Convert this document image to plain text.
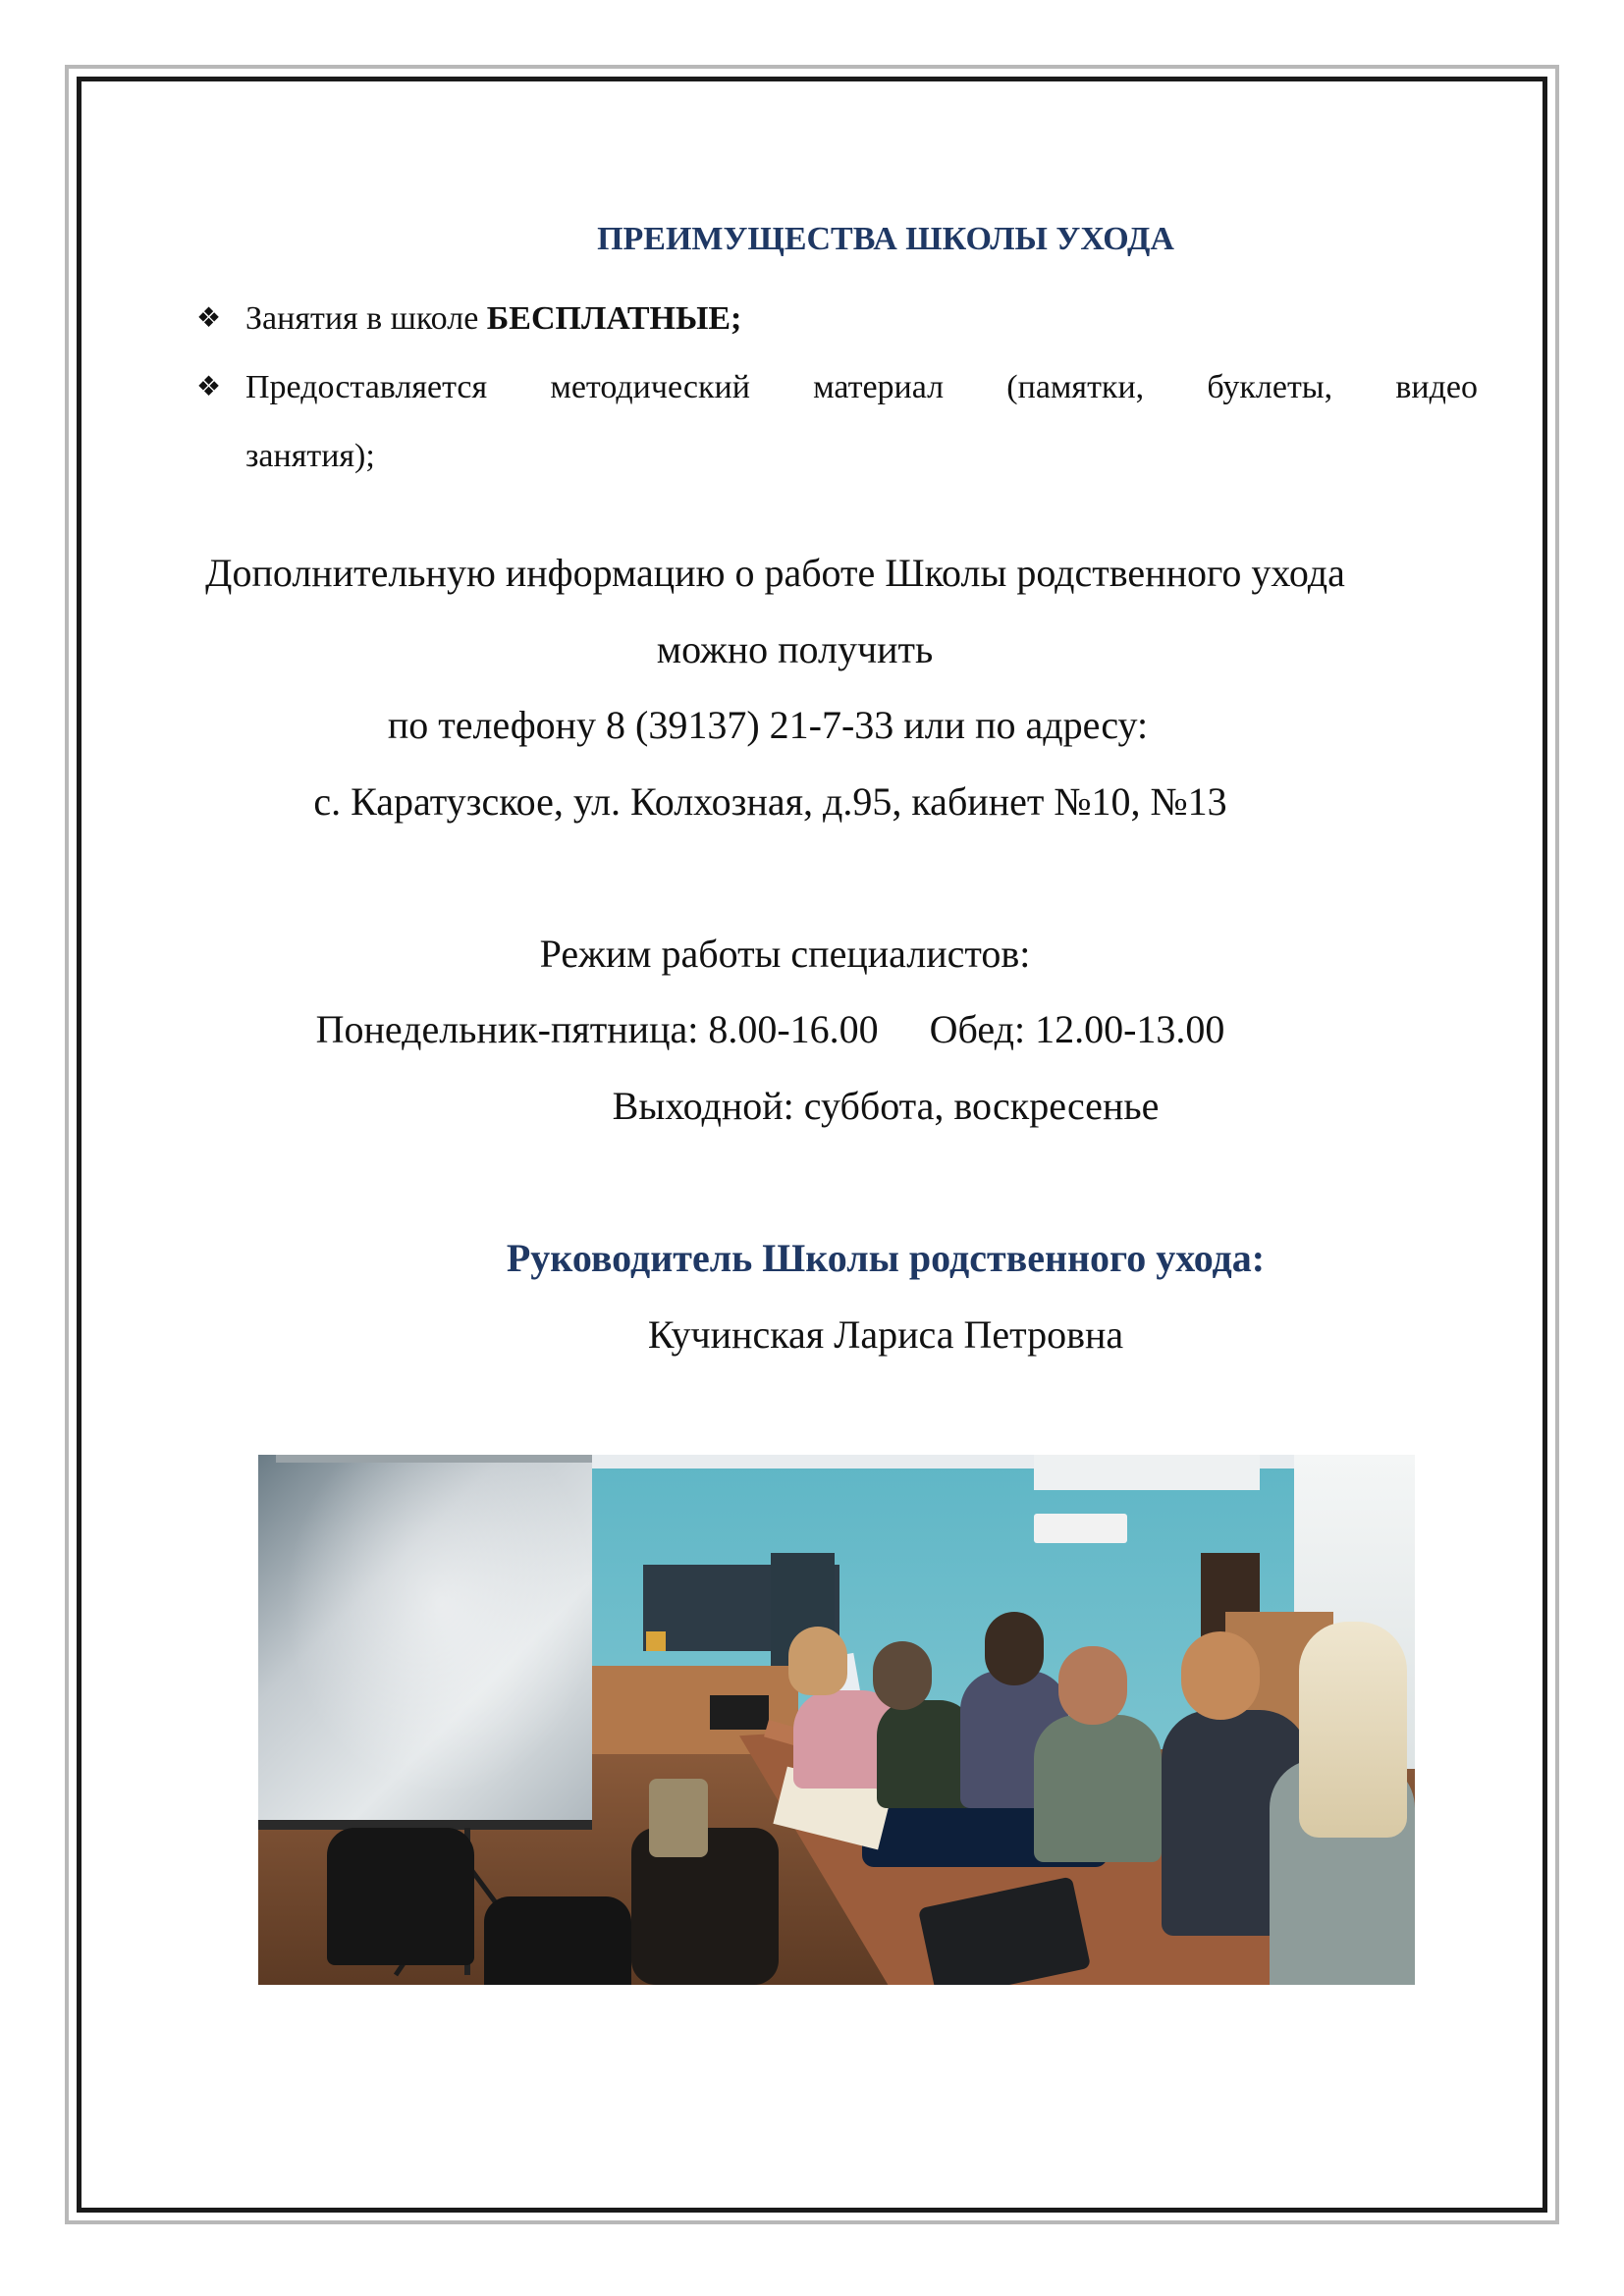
ПРЕИМУЩЕСТВА ШКОЛЫ УХОДА
❖ Занятия в школе БЕСПЛАТНЫЕ;
❖ Предоставляется методический материал (памятки, буклеты, видео
занятия);
Дополнительную информацию о работе Школы родственного ухода
можно получить
по телефону 8 (39137) 21-7-33 или по адресу:
с. Каратузское, ул. Колхозная, д.95, кабинет №10, №13
Режим работы специалистов:
Понедельник-пятница: 8.00-16.00 Обед: 12.00-13.00
Выходной: суббота, воскресенье
Руководитель Школы родственного ухода:
Кучинская Лариса Петровна
